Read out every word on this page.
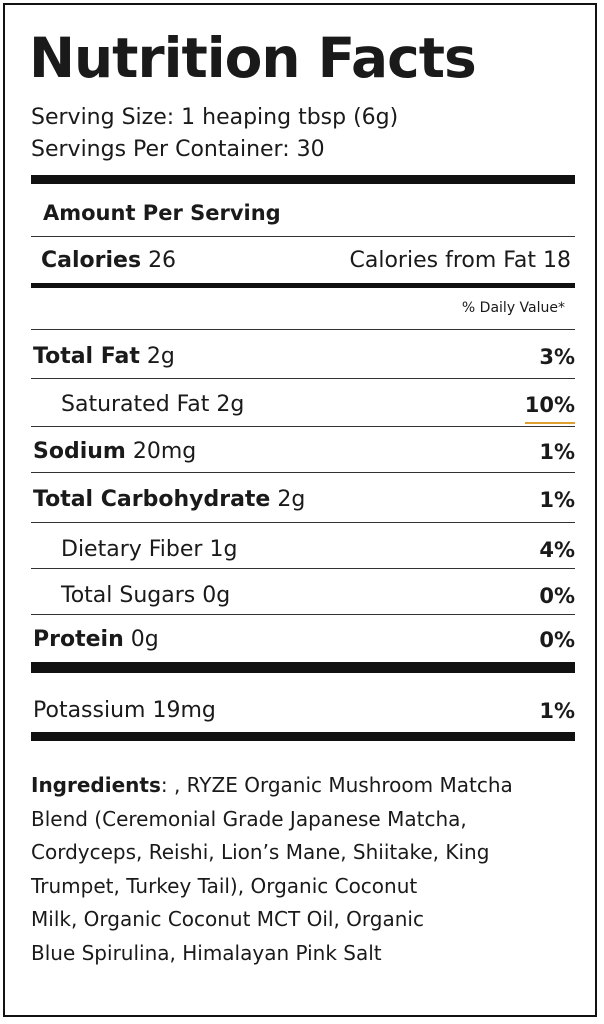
Nutrition Facts
Serving Size: 1 heaping tbsp (6g)
Servings Per Container: 30
Amount Per Serving
Calories 26	Calories from Fat 18
% Daily Value*
Total Fat 2g	3%
Saturated Fat 2g	10%
Sodium 20mg	1%
Total Carbohydrate 2g	1%
Dietary Fiber 1g	4%
Total Sugars 0g	0%
Protein 0g	0%
Potassium 19mg	1%
Ingredients: , RYZE Organic Mushroom Matcha
Blend (Ceremonial Grade Japanese Matcha,
Cordyceps, Reishi, Lion’s Mane, Shiitake, King
Trumpet, Turkey Tail), Organic Coconut
Milk, Organic Coconut MCT Oil, Organic
Blue Spirulina, Himalayan Pink Salt
